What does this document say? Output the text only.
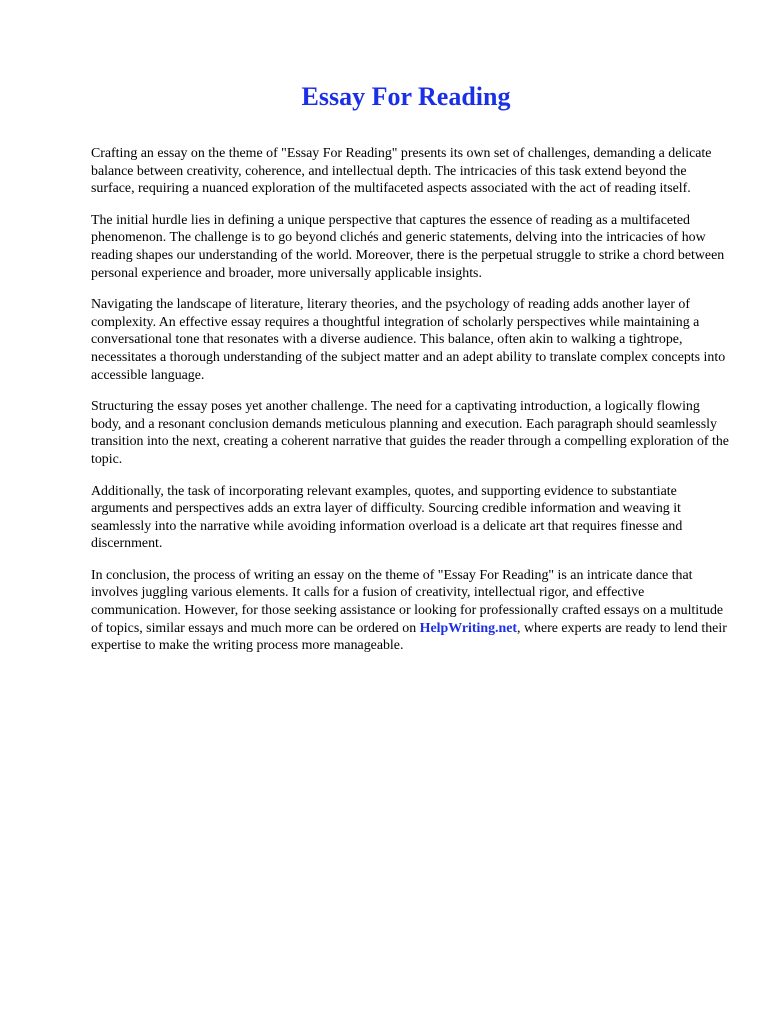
Essay For Reading

Crafting an essay on the theme of "Essay For Reading" presents its own set of challenges, demanding a delicate balance between creativity, coherence, and intellectual depth. The intricacies of this task extend beyond the surface, requiring a nuanced exploration of the multifaceted aspects associated with the act of reading itself.

The initial hurdle lies in defining a unique perspective that captures the essence of reading as a multifaceted phenomenon. The challenge is to go beyond clichés and generic statements, delving into the intricacies of how reading shapes our understanding of the world. Moreover, there is the perpetual struggle to strike a chord between personal experience and broader, more universally applicable insights.

Navigating the landscape of literature, literary theories, and the psychology of reading adds another layer of complexity. An effective essay requires a thoughtful integration of scholarly perspectives while maintaining a conversational tone that resonates with a diverse audience. This balance, often akin to walking a tightrope, necessitates a thorough understanding of the subject matter and an adept ability to translate complex concepts into accessible language.

Structuring the essay poses yet another challenge. The need for a captivating introduction, a logically flowing body, and a resonant conclusion demands meticulous planning and execution. Each paragraph should seamlessly transition into the next, creating a coherent narrative that guides the reader through a compelling exploration of the topic.

Additionally, the task of incorporating relevant examples, quotes, and supporting evidence to substantiate arguments and perspectives adds an extra layer of difficulty. Sourcing credible information and weaving it seamlessly into the narrative while avoiding information overload is a delicate art that requires finesse and discernment.

In conclusion, the process of writing an essay on the theme of "Essay For Reading" is an intricate dance that involves juggling various elements. It calls for a fusion of creativity, intellectual rigor, and effective communication. However, for those seeking assistance or looking for professionally crafted essays on a multitude of topics, similar essays and much more can be ordered on HelpWriting.net, where experts are ready to lend their expertise to make the writing process more manageable.
